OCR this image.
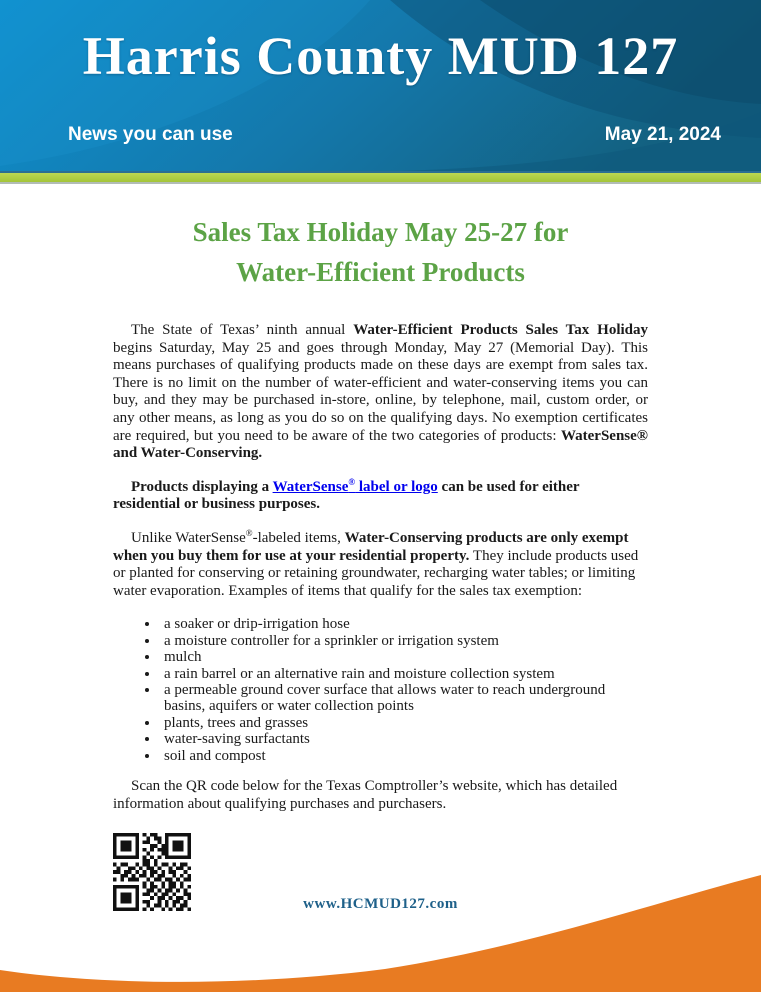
Harris County MUD 127
News you can use	May 21, 2024
Sales Tax Holiday May 25-27 for
Water-Efficient Products

The State of Texas’ ninth annual Water-Efficient Products Sales Tax Holiday begins Saturday, May 25 and goes through Monday, May 27 (Memorial Day). This means purchases of qualifying products made on these days are exempt from sales tax. There is no limit on the number of water-efficient and water-conserving items you can buy, and they may be purchased in-store, online, by telephone, mail, custom order, or any other means, as long as you do so on the qualifying days. No exemption certificates are required, but you need to be aware of the two categories of products: WaterSense® and Water-Conserving.

Products displaying a WaterSense® label or logo can be used for either residential or business purposes.

Unlike WaterSense®-labeled items, Water-Conserving products are only exempt when you buy them for use at your residential property. They include products used or planted for conserving or retaining groundwater, recharging water tables; or limiting water evaporation. Examples of items that qualify for the sales tax exemption:

• a soaker or drip-irrigation hose
• a moisture controller for a sprinkler or irrigation system
• mulch
• a rain barrel or an alternative rain and moisture collection system
• a permeable ground cover surface that allows water to reach underground basins, aquifers or water collection points
• plants, trees and grasses
• water-saving surfactants
• soil and compost

Scan the QR code below for the Texas Comptroller’s website, which has detailed information about qualifying purchases and purchasers.

www.HCMUD127.com
